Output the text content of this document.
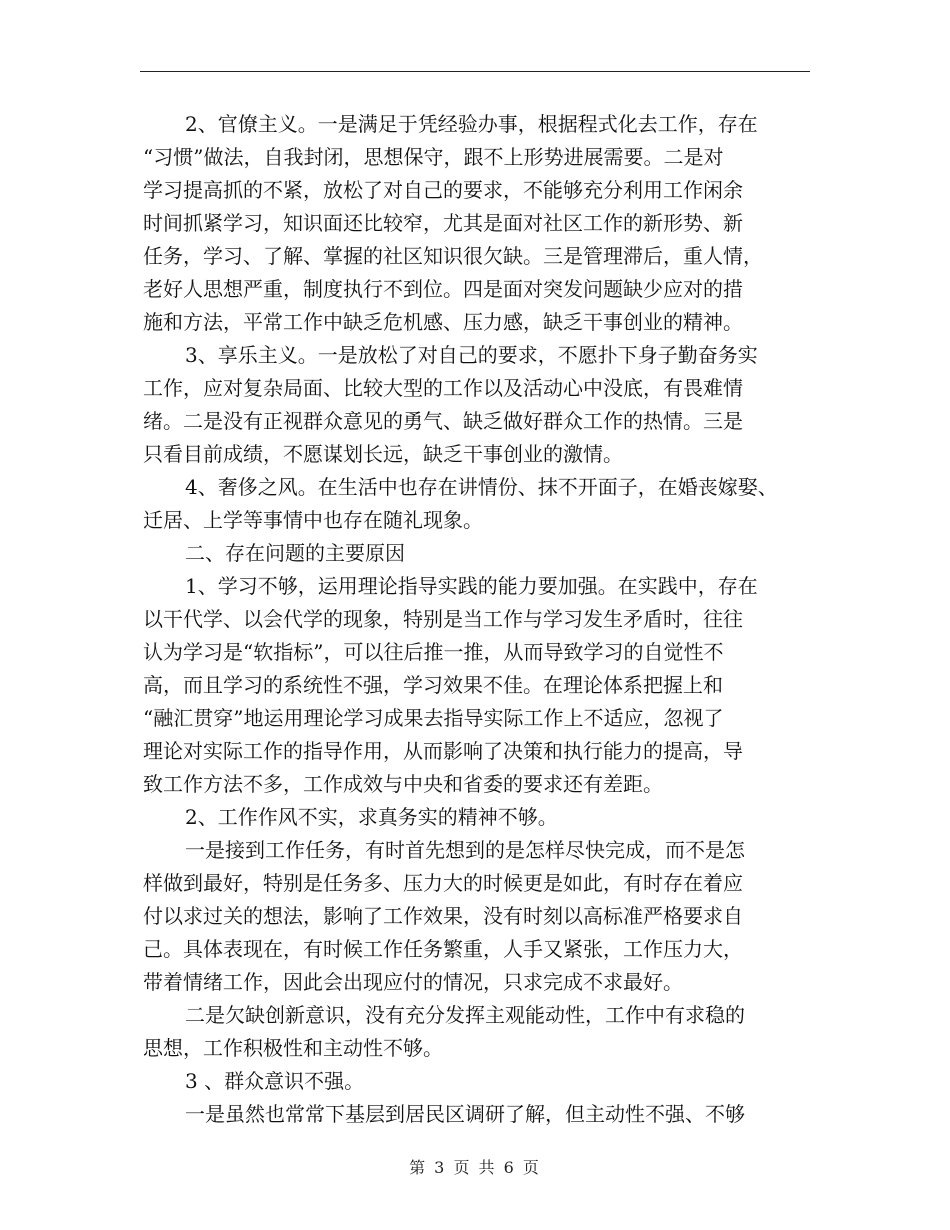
2、官僚主义。一是满足于凭经验办事，根据程式化去工作，存在
“习惯”做法，自我封闭，思想保守，跟不上形势进展需要。二是对
学习提高抓的不紧，放松了对自己的要求，不能够充分利用工作闲余
时间抓紧学习，知识面还比较窄，尤其是面对社区工作的新形势、新
任务，学习、了解、掌握的社区知识很欠缺。三是管理滞后，重人情，
老好人思想严重，制度执行不到位。四是面对突发问题缺少应对的措
施和方法，平常工作中缺乏危机感、压力感，缺乏干事创业的精神。
3、享乐主义。一是放松了对自己的要求，不愿扑下身子勤奋务实
工作，应对复杂局面、比较大型的工作以及活动心中没底，有畏难情
绪。二是没有正视群众意见的勇气、缺乏做好群众工作的热情。三是
只看目前成绩，不愿谋划长远，缺乏干事创业的激情。
4、奢侈之风。在生活中也存在讲情份、抹不开面子，在婚丧嫁娶、
迁居、上学等事情中也存在随礼现象。
二、存在问题的主要原因
1、学习不够，运用理论指导实践的能力要加强。在实践中，存在
以干代学、以会代学的现象，特别是当工作与学习发生矛盾时，往往
认为学习是“软指标”，可以往后推一推，从而导致学习的自觉性不
高，而且学习的系统性不强，学习效果不佳。在理论体系把握上和
“融汇贯穿”地运用理论学习成果去指导实际工作上不适应，忽视了
理论对实际工作的指导作用，从而影响了决策和执行能力的提高，导
致工作方法不多，工作成效与中央和省委的要求还有差距。
2、工作作风不实，求真务实的精神不够。
一是接到工作任务，有时首先想到的是怎样尽快完成，而不是怎
样做到最好，特别是任务多、压力大的时候更是如此，有时存在着应
付以求过关的想法，影响了工作效果，没有时刻以高标准严格要求自
己。具体表现在，有时候工作任务繁重，人手又紧张，工作压力大，
带着情绪工作，因此会出现应付的情况，只求完成不求最好。
二是欠缺创新意识，没有充分发挥主观能动性，工作中有求稳的
思想，工作积极性和主动性不够。
3 、群众意识不强。
一是虽然也常常下基层到居民区调研了解，但主动性不强、不够
第 3 页 共 6 页
